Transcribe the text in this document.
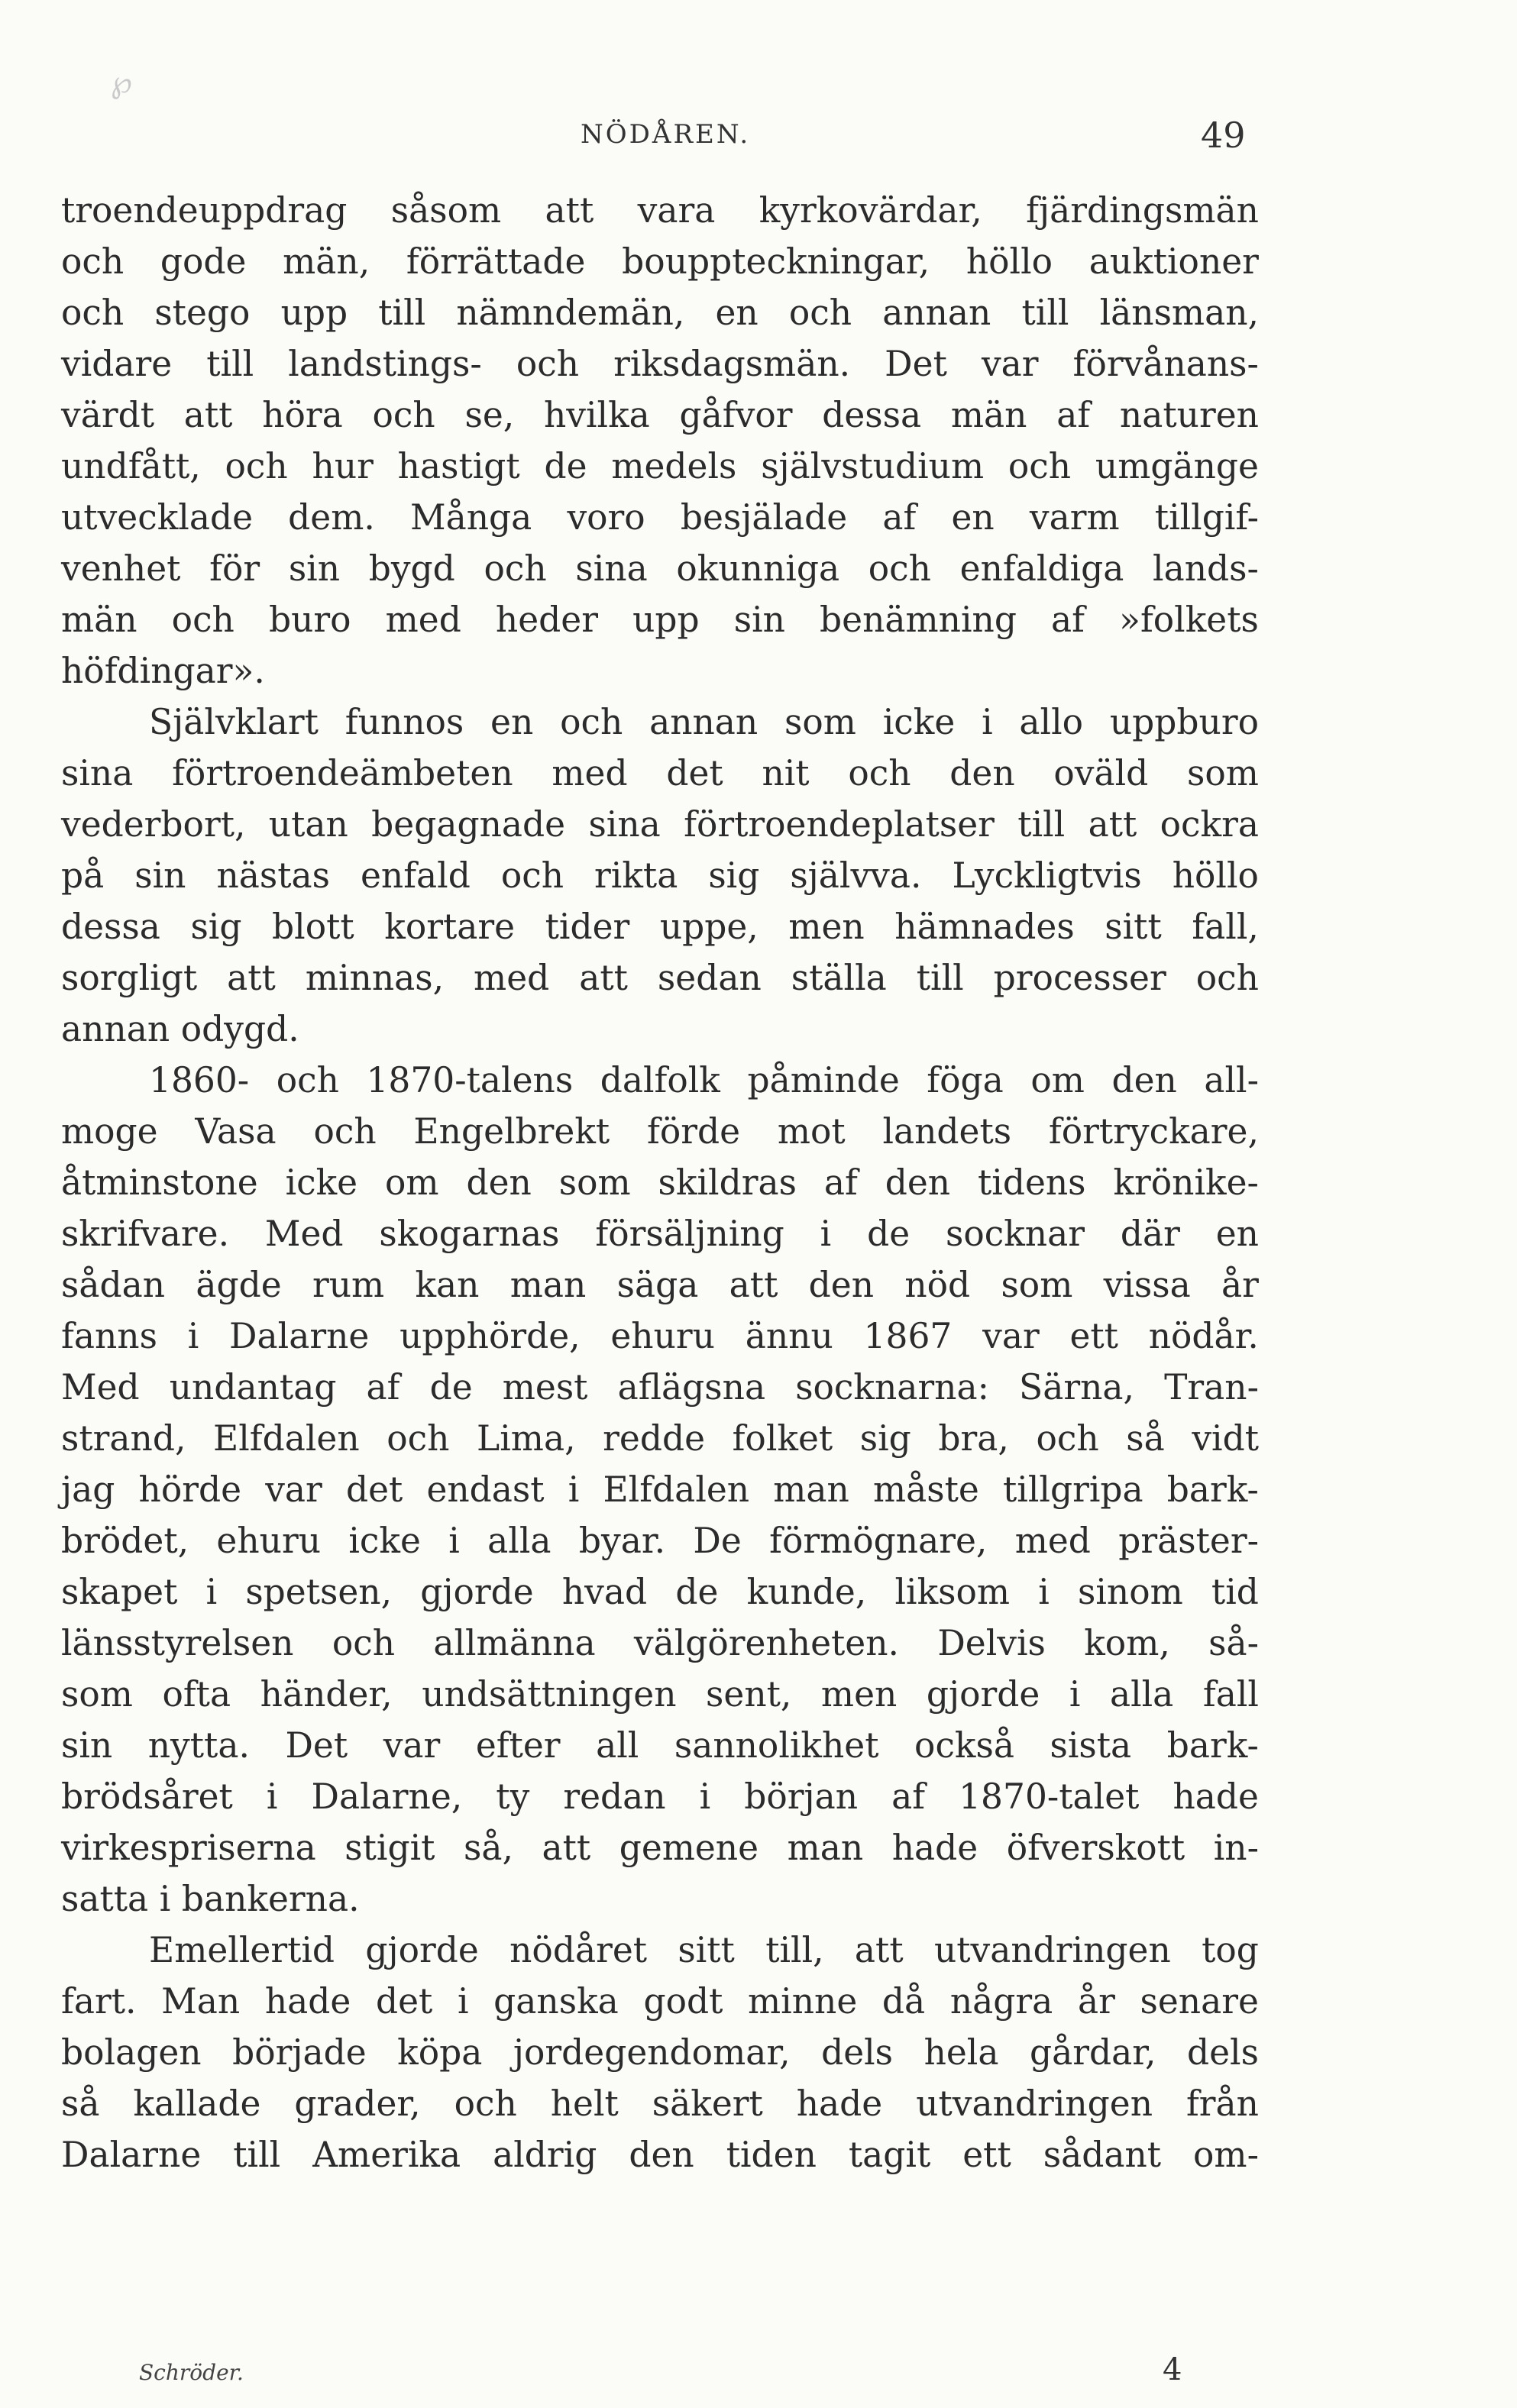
℘
NÖDÅREN.	49
troendeuppdrag såsom att vara kyrkovärdar, fjärdingsmän
och gode män, förrättade bouppteckningar, höllo auktioner
och stego upp till nämndemän, en och annan till länsman,
vidare till landstings- och riksdagsmän. Det var förvånans-
värdt att höra och se, hvilka gåfvor dessa män af naturen
undfått, och hur hastigt de medels självstudium och umgänge
utvecklade dem. Många voro besjälade af en varm tillgif-
venhet för sin bygd och sina okunniga och enfaldiga lands-
män och buro med heder upp sin benämning af »folkets
höfdingar».
Självklart funnos en och annan som icke i allo uppburo
sina förtroendeämbeten med det nit och den oväld som
vederbort, utan begagnade sina förtroendeplatser till att ockra
på sin nästas enfald och rikta sig självva. Lyckligtvis höllo
dessa sig blott kortare tider uppe, men hämnades sitt fall,
sorgligt att minnas, med att sedan ställa till processer och
annan odygd.
1860- och 1870-talens dalfolk påminde föga om den all-
moge Vasa och Engelbrekt förde mot landets förtryckare,
åtminstone icke om den som skildras af den tidens krönike-
skrifvare. Med skogarnas försäljning i de socknar där en
sådan ägde rum kan man säga att den nöd som vissa år
fanns i Dalarne upphörde, ehuru ännu 1867 var ett nödår.
Med undantag af de mest aflägsna socknarna: Särna, Tran-
strand, Elfdalen och Lima, redde folket sig bra, och så vidt
jag hörde var det endast i Elfdalen man måste tillgripa bark-
brödet, ehuru icke i alla byar. De förmögnare, med präster-
skapet i spetsen, gjorde hvad de kunde, liksom i sinom tid
länsstyrelsen och allmänna välgörenheten. Delvis kom, så-
som ofta händer, undsättningen sent, men gjorde i alla fall
sin nytta. Det var efter all sannolikhet också sista bark-
brödsåret i Dalarne, ty redan i början af 1870-talet hade
virkespriserna stigit så, att gemene man hade öfverskott in-
satta i bankerna.
Emellertid gjorde nödåret sitt till, att utvandringen tog
fart. Man hade det i ganska godt minne då några år senare
bolagen började köpa jordegendomar, dels hela gårdar, dels
så kallade grader, och helt säkert hade utvandringen från
Dalarne till Amerika aldrig den tiden tagit ett sådant om-
Schröder.	4
